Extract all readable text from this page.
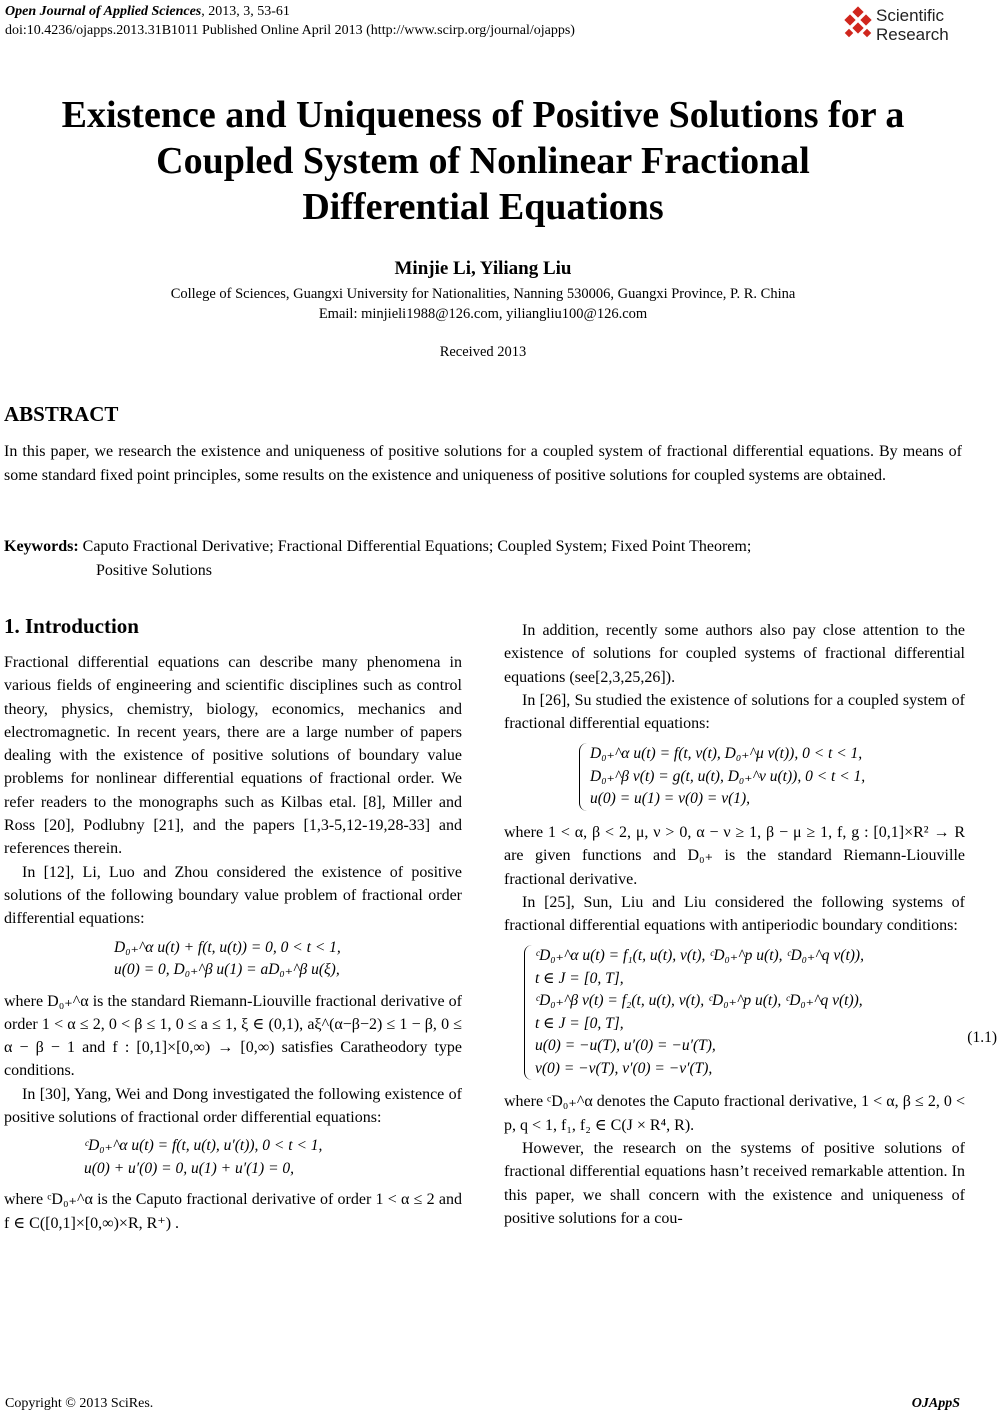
Open Journal of Applied Sciences, 2013, 3, 53-61
doi:10.4236/ojapps.2013.31B1011 Published Online April 2013 (http://www.scirp.org/journal/ojapps)
Scientific
Research
Existence and Uniqueness of Positive Solutions for a
Coupled System of Nonlinear Fractional
Differential Equations
Minjie Li, Yiliang Liu
College of Sciences, Guangxi University for Nationalities, Nanning 530006, Guangxi Province, P. R. China
Email: minjieli1988@126.com, yiliangliu100@126.com
Received 2013
ABSTRACT
In this paper, we research the existence and uniqueness of positive solutions for a coupled system of fractional differential equations. By means of some standard fixed point principles, some results on the existence and uniqueness of positive solutions for coupled systems are obtained.
Keywords: Caputo Fractional Derivative; Fractional Differential Equations; Coupled System; Fixed Point Theorem;
Positive Solutions
1. Introduction

Fractional differential equations can describe many phenomena in various fields of engineering and scientific disciplines such as control theory, physics, chemistry, biology, economics, mechanics and electromagnetic. In recent years, there are a large number of papers dealing with the existence of positive solutions of boundary value problems for nonlinear differential equations of fractional order. We refer readers to the monographs such as Kilbas etal. [8], Miller and Ross [20], Podlubny [21], and the papers [1,3-5,12-19,28-33] and references therein.

In [12], Li, Luo and Zhou considered the existence of positive solutions of the following boundary value problem of fractional order differential equations:

D₀₊^α u(t) + f(t, u(t)) = 0, 0 < t < 1,
u(0) = 0, D₀₊^β u(1) = aD₀₊^β u(ξ),

where D₀₊^α is the standard Riemann-Liouville fractional derivative of order 1 < α ≤ 2, 0 < β ≤ 1, 0 ≤ a ≤ 1, ξ ∈ (0,1), aξ^(α−β−2) ≤ 1 − β, 0 ≤ α − β − 1 and f : [0,1]×[0,∞) → [0,∞) satisfies Caratheodory type conditions.

In [30], Yang, Wei and Dong investigated the following existence of positive solutions of fractional order differential equations:

ᶜD₀₊^α u(t) = f(t, u(t), u′(t)), 0 < t < 1,
u(0) + u′(0) = 0, u(1) + u′(1) = 0,

where ᶜD₀₊^α is the Caputo fractional derivative of order 1 < α ≤ 2 and f ∈ C([0,1]×[0,∞)×R, R⁺) .

In addition, recently some authors also pay close attention to the existence of solutions for coupled systems of fractional differential equations (see[2,3,25,26]).

In [26], Su studied the existence of solutions for a coupled system of fractional differential equations:

D₀₊^α u(t) = f(t, v(t), D₀₊^μ v(t)), 0 < t < 1,
D₀₊^β v(t) = g(t, u(t), D₀₊^ν u(t)), 0 < t < 1,
u(0) = u(1) = v(0) = v(1),

where 1 < α, β < 2, μ, ν > 0, α − ν ≥ 1, β − μ ≥ 1, f, g : [0,1]×R² → R are given functions and D₀₊ is the standard Riemann-Liouville fractional derivative.

In [25], Sun, Liu and Liu considered the following systems of fractional differential equations with antiperiodic boundary conditions:

ᶜD₀₊^α u(t) = f₁(t, u(t), v(t), ᶜD₀₊^p u(t), ᶜD₀₊^q v(t)),
t ∈ J = [0, T],
ᶜD₀₊^β v(t) = f₂(t, u(t), v(t), ᶜD₀₊^p u(t), ᶜD₀₊^q v(t)),
t ∈ J = [0, T],
u(0) = −u(T), u′(0) = −u′(T),
v(0) = −v(T), v′(0) = −v′(T),
(1.1)

where ᶜD₀₊^α denotes the Caputo fractional derivative, 1 < α, β ≤ 2, 0 < p, q < 1, f₁, f₂ ∈ C(J × R⁴, R).

However, the research on the systems of positive solutions of fractional differential equations hasn’t received remarkable attention. In this paper, we shall concern with the existence and uniqueness of positive solutions for a cou-

Copyright © 2013 SciRes.	OJAppS
